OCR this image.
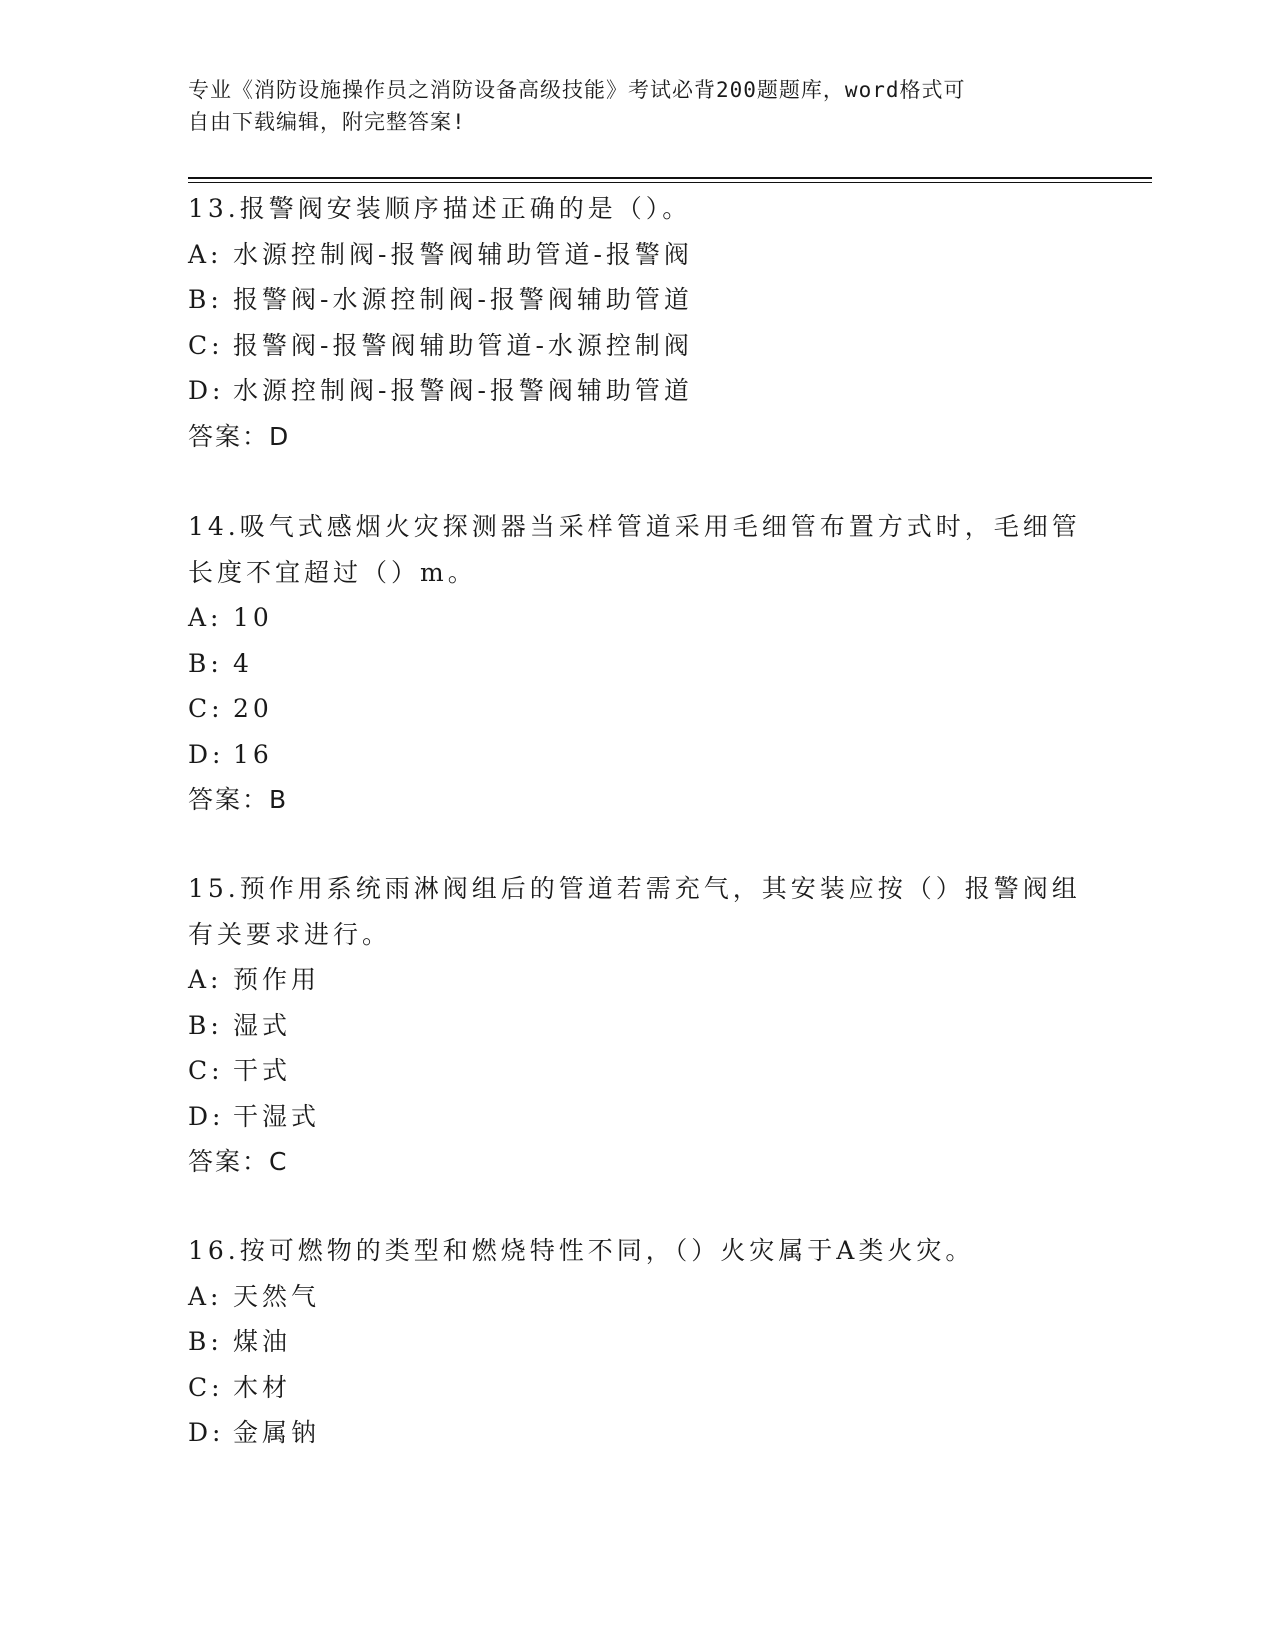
专业《消防设施操作员之消防设备高级技能》考试必背200题题库，word格式可
自由下载编辑，附完整答案!

13.报警阀安装顺序描述正确的是（）。

A: 水源控制阀-报警阀辅助管道-报警阀

B: 报警阀-水源控制阀-报警阀辅助管道

C: 报警阀-报警阀辅助管道-水源控制阀

D: 水源控制阀-报警阀-报警阀辅助管道

答案：D

14.吸气式感烟火灾探测器当采样管道采用毛细管布置方式时，毛细管长度不宜超过（）m。

A: 10

B: 4

C: 20

D: 16

答案：B

15.预作用系统雨淋阀组后的管道若需充气，其安装应按（）报警阀组有关要求进行。

A: 预作用

B: 湿式

C: 干式

D: 干湿式

答案：C

16.按可燃物的类型和燃烧特性不同，（）火灾属于A类火灾。

A: 天然气

B: 煤油

C: 木材

D: 金属钠
